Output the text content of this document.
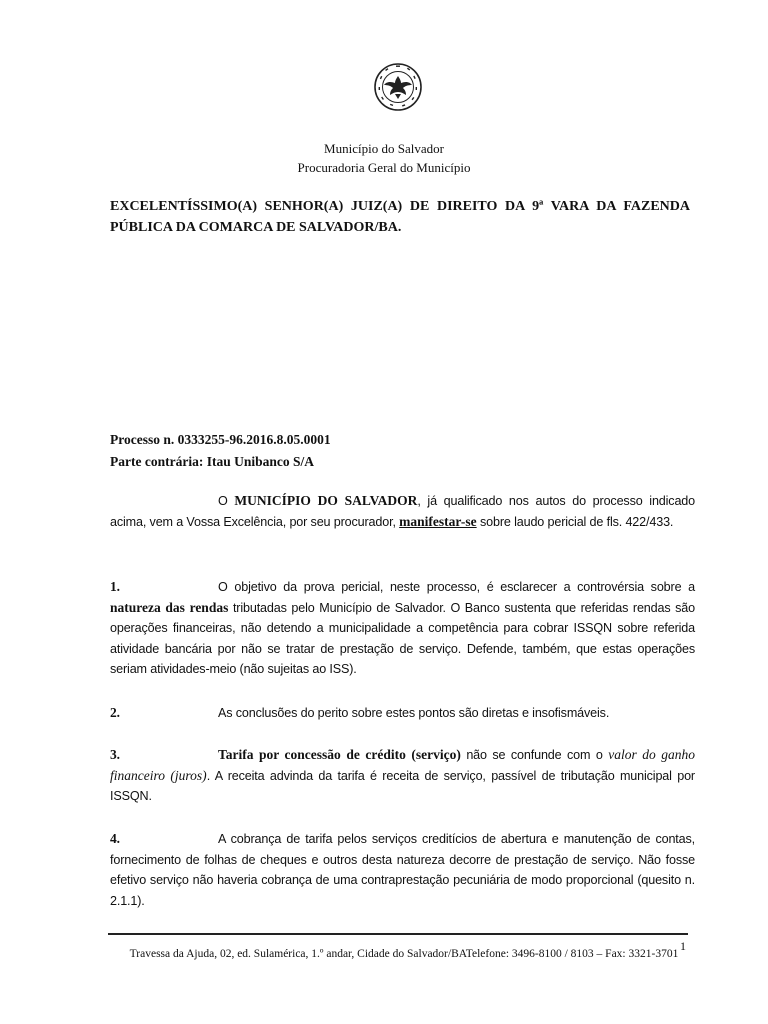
Município do Salvador
Procuradoria Geral do Município
EXCELENTÍSSIMO(A) SENHOR(A) JUIZ(A) DE DIREITO DA 9ª VARA DA FAZENDA PÚBLICA DA COMARCA DE SALVADOR/BA.
Processo n. 0333255-96.2016.8.05.0001
Parte contrária: Itau Unibanco S/A
O MUNICÍPIO DO SALVADOR, já qualificado nos autos do processo indicado acima, vem a Vossa Excelência, por seu procurador, manifestar-se sobre laudo pericial de fls. 422/433.
1.	O objetivo da prova pericial, neste processo, é esclarecer a controvérsia sobre a natureza das rendas tributadas pelo Município de Salvador. O Banco sustenta que referidas rendas são operações financeiras, não detendo a municipalidade a competência para cobrar ISSQN sobre referida atividade bancária por não se tratar de prestação de serviço. Defende, também, que estas operações seriam atividades-meio (não sujeitas ao ISS).
2.	As conclusões do perito sobre estes pontos são diretas e insofismáveis.
3.	Tarifa por concessão de crédito (serviço) não se confunde com o valor do ganho financeiro (juros). A receita advinda da tarifa é receita de serviço, passível de tributação municipal por ISSQN.
4.	A cobrança de tarifa pelos serviços creditícios de abertura e manutenção de contas, fornecimento de folhas de cheques e outros desta natureza decorre de prestação de serviço. Não fosse efetivo serviço não haveria cobrança de uma contraprestação pecuniária de modo proporcional (quesito n. 2.1.1).
1
Travessa da Ajuda, 02, ed. Sulamérica, 1.º andar, Cidade do Salvador/BATelefone: 3496-8100 / 8103 – Fax: 3321-3701
